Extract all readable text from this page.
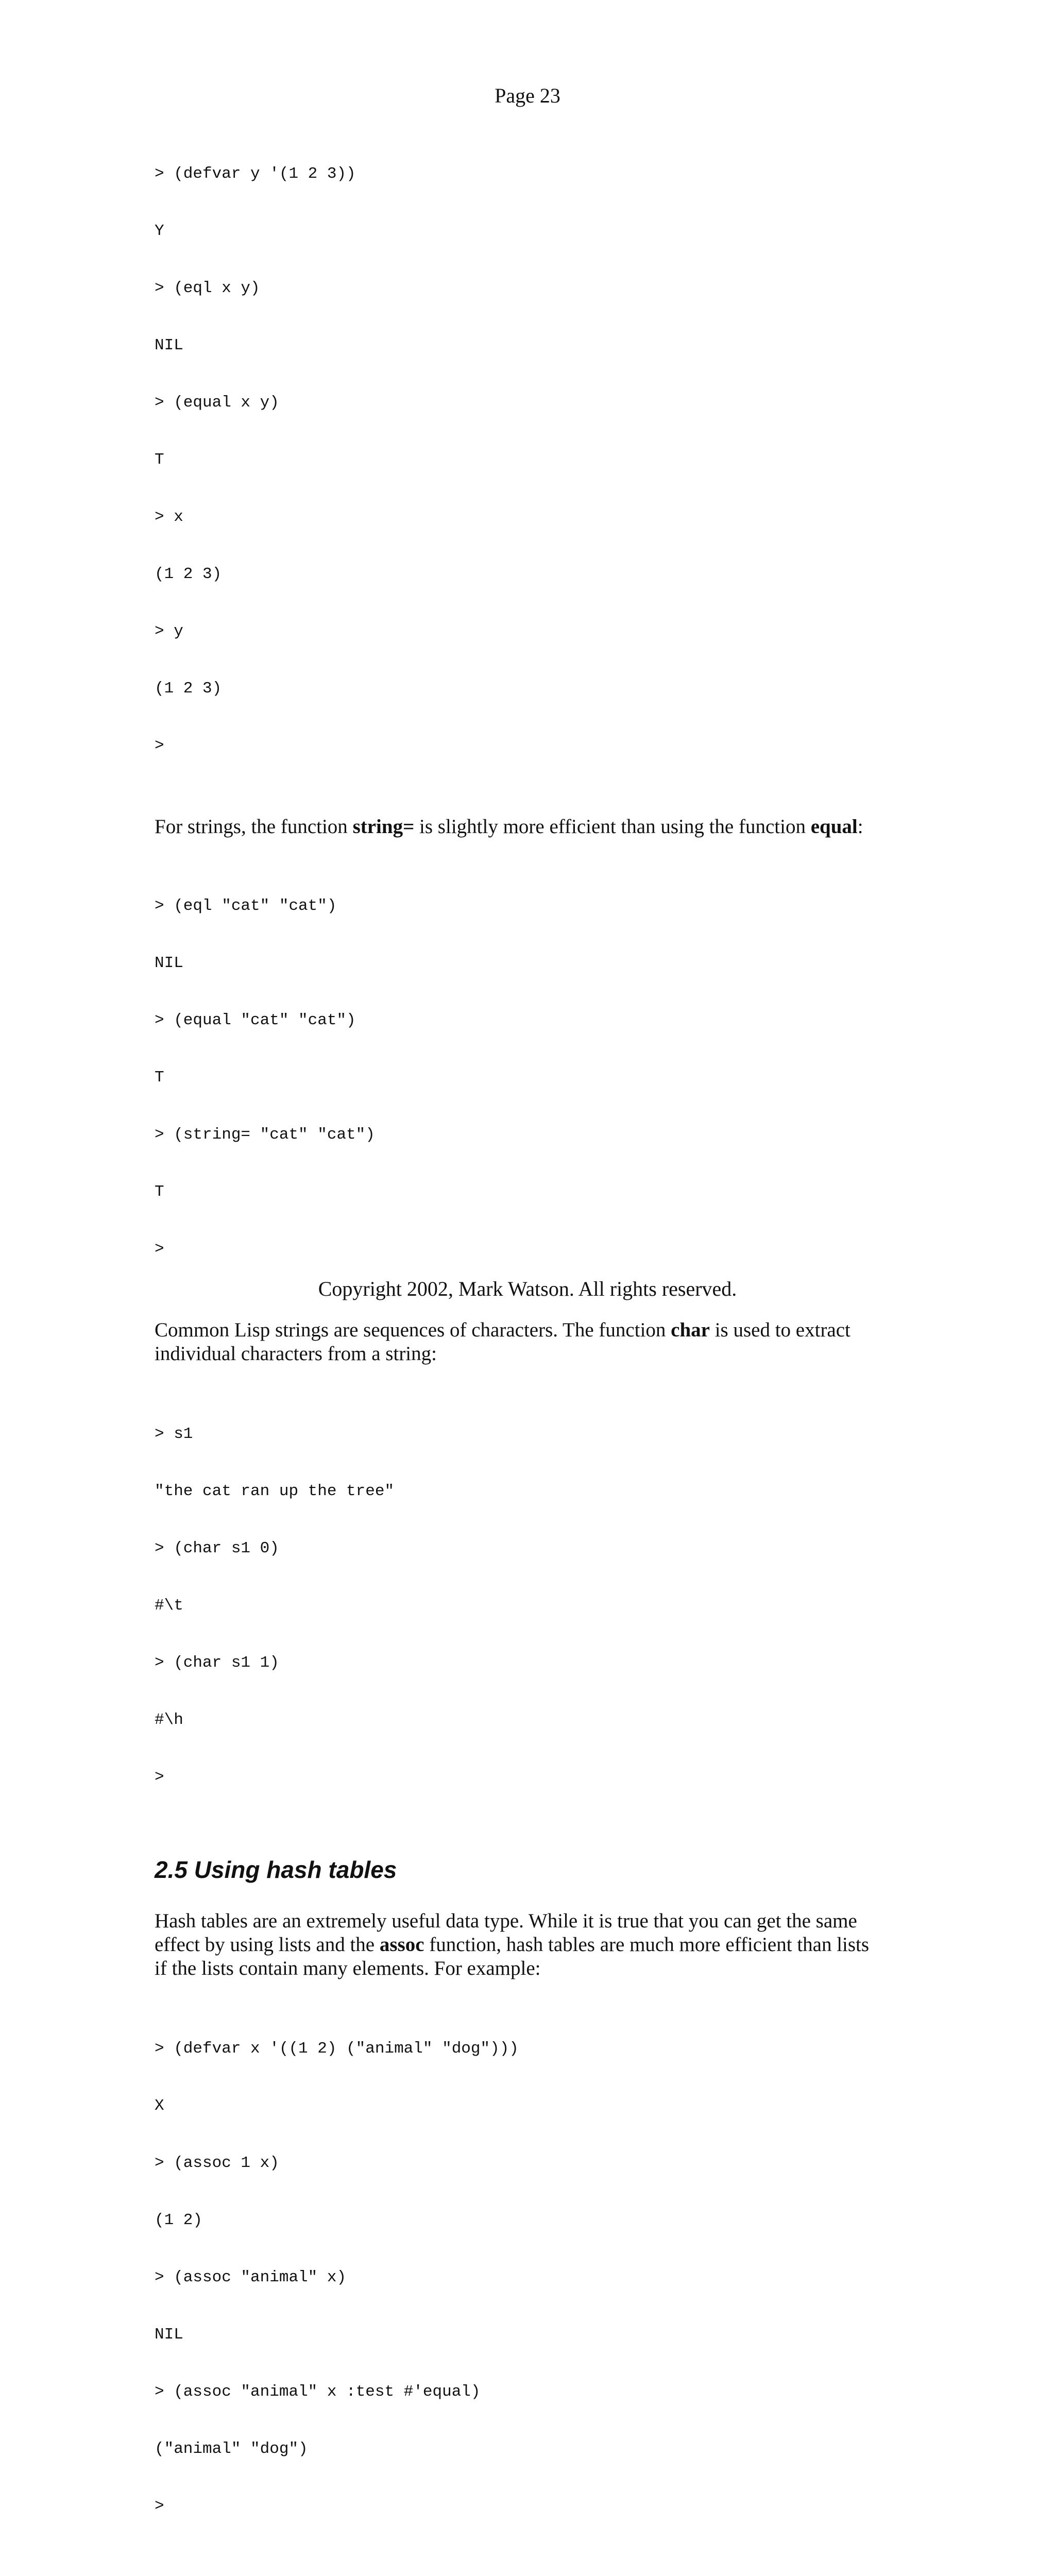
Page 23

> (defvar y '(1 2 3))

Y

> (eql x y)

NIL

> (equal x y)

T

> x

(1 2 3)

> y

(1 2 3)

>

For strings, the function string= is slightly more efficient than using the function equal:

> (eql "cat" "cat")

NIL

> (equal "cat" "cat")

T

> (string= "cat" "cat")

T

>

Common Lisp strings are sequences of characters. The function char is used to extract
individual characters from a string:

> s1

"the cat ran up the tree"

> (char s1 0)

#\t

> (char s1 1)

#\h

>

2.5 Using hash tables

Hash tables are an extremely useful data type. While it is true that you can get the same
effect by using lists and the assoc function, hash tables are much more efficient than lists
if the lists contain many elements. For example:

> (defvar x '((1 2) ("animal" "dog")))

X

> (assoc 1 x)

(1 2)

> (assoc "animal" x)

NIL

> (assoc "animal" x :test #'equal)

("animal" "dog")

>

Copyright 2002, Mark Watson. All rights reserved.
